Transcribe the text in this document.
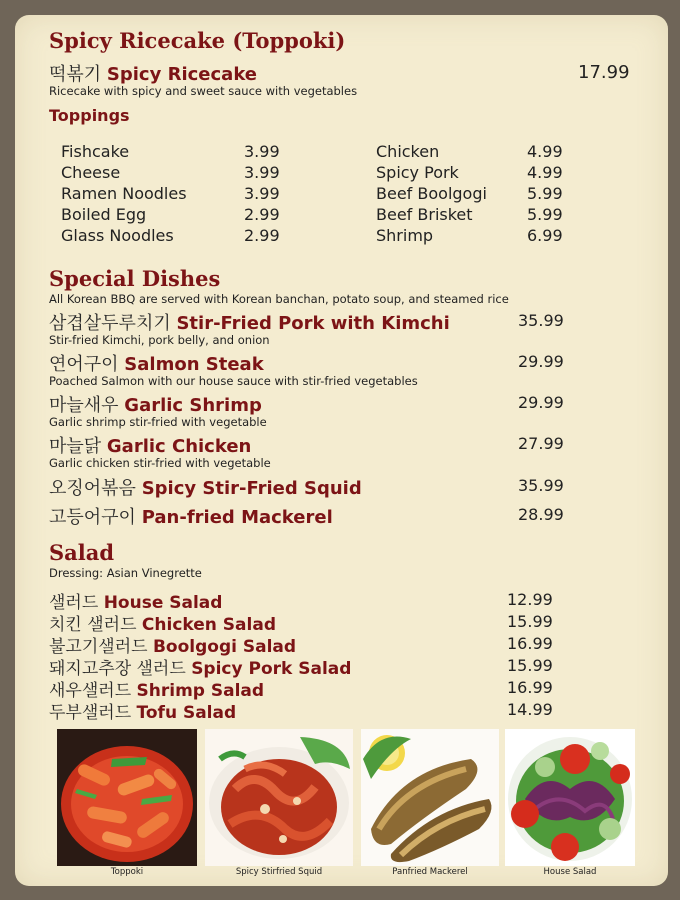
Spicy Ricecake (Toppoki)
떡볶기 Spicy Ricecake	17.99
Ricecake with spicy and sweet sauce with vegetables
Toppings
Fishcake	3.99
Cheese	3.99
Ramen Noodles	3.99
Boiled Egg	2.99
Glass Noodles	2.99
Chicken	4.99
Spicy Pork	4.99
Beef Boolgogi	5.99
Beef Brisket	5.99
Shrimp	6.99
Special Dishes
All Korean BBQ are served with Korean banchan, potato soup, and steamed rice
삼겹살두루치기 Stir-Fried Pork with Kimchi	35.99
Stir-fried Kimchi, pork belly, and onion
연어구이 Salmon Steak	29.99
Poached Salmon with our house sauce with stir-fried vegetables
마늘새우 Garlic Shrimp	29.99
Garlic shrimp stir-fried with vegetable
마늘닭 Garlic Chicken	27.99
Garlic chicken stir-fried with vegetable
오징어볶음 Spicy Stir-Fried Squid	35.99
고등어구이 Pan-fried Mackerel	28.99
Salad
Dressing: Asian Vinegrette
샐러드 House Salad	12.99
치킨 샐러드 Chicken Salad	15.99
불고기샐러드 Boolgogi Salad	16.99
돼지고추장 샐러드 Spicy Pork Salad	15.99
새우샐러드 Shrimp Salad	16.99
두부샐러드 Tofu Salad	14.99
Toppoki	Spicy Stirfried Squid	Panfried Mackerel	House Salad
